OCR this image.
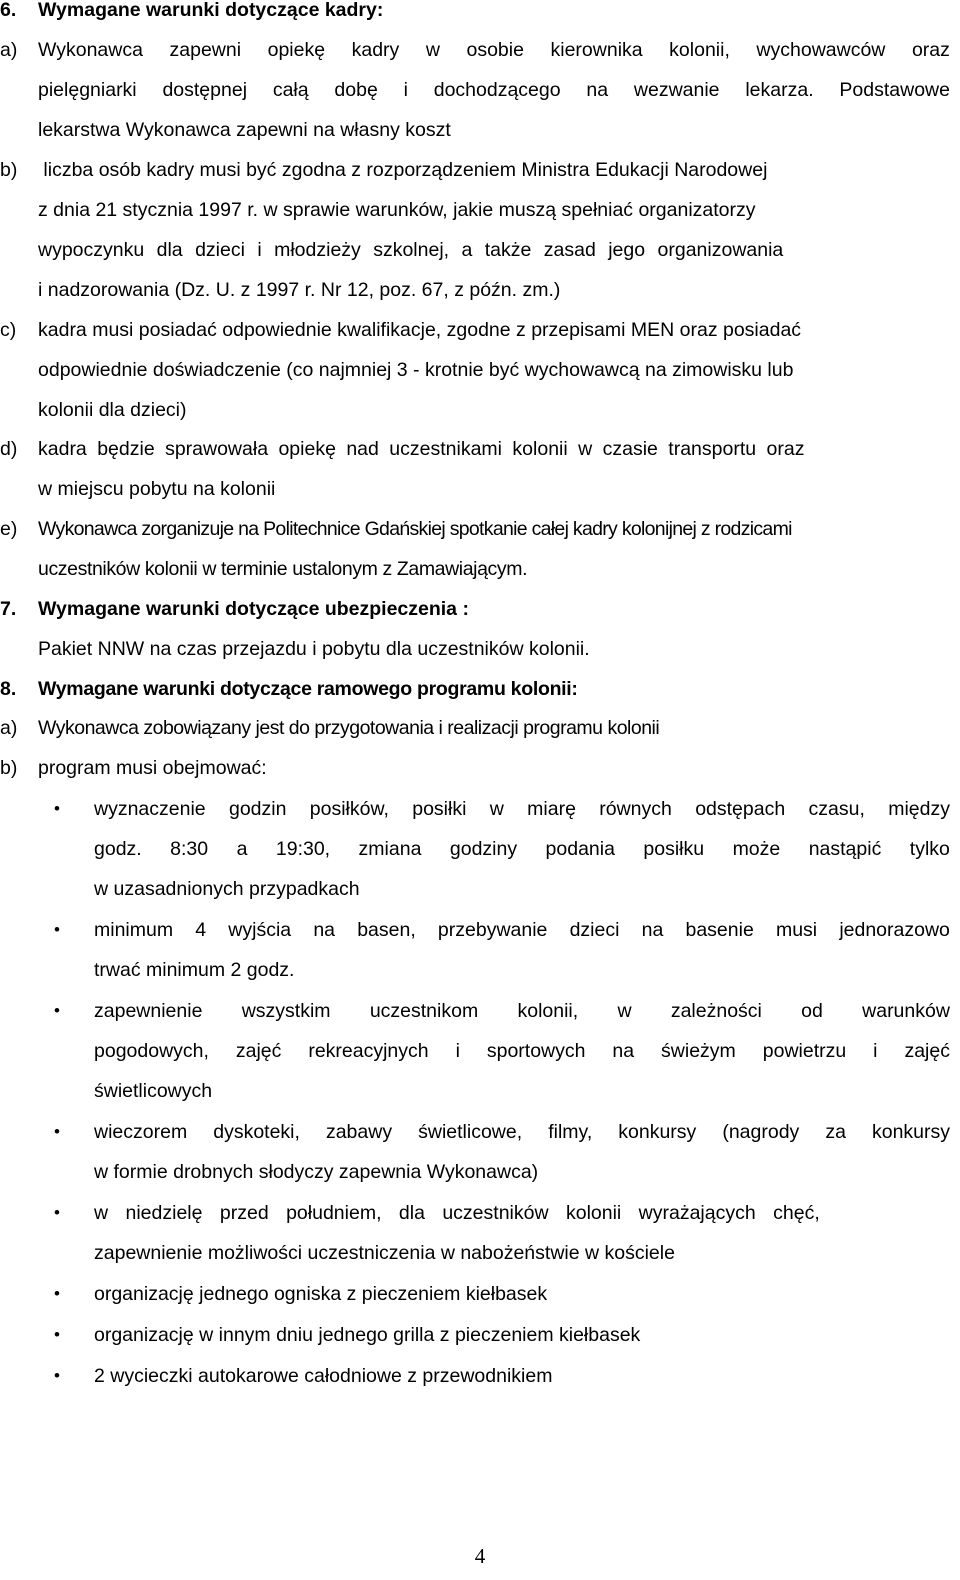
6. Wymagane warunki dotyczące kadry:
a) Wykonawca zapewni opiekę kadry w osobie kierownika kolonii, wychowawców oraz
pielęgniarki dostępnej całą dobę i dochodzącego na wezwanie lekarza. Podstawowe
lekarstwa Wykonawca zapewni na własny koszt
b) liczba osób kadry musi być zgodna z rozporządzeniem Ministra Edukacji Narodowej
z dnia 21 stycznia 1997 r. w sprawie warunków, jakie muszą spełniać organizatorzy
wypoczynku dla dzieci i młodzieży szkolnej, a także zasad jego organizowania
i nadzorowania (Dz. U. z 1997 r. Nr 12, poz. 67, z późn. zm.)
c) kadra musi posiadać odpowiednie kwalifikacje, zgodne z przepisami MEN oraz posiadać
odpowiednie doświadczenie (co najmniej 3 - krotnie być wychowawcą na zimowisku lub
kolonii dla dzieci)
d) kadra będzie sprawowała opiekę nad uczestnikami kolonii w czasie transportu oraz
w miejscu pobytu na kolonii
e) Wykonawca zorganizuje na Politechnice Gdańskiej spotkanie całej kadry kolonijnej z rodzicami
uczestników kolonii w terminie ustalonym z Zamawiającym.
7. Wymagane warunki dotyczące ubezpieczenia :
Pakiet NNW na czas przejazdu i pobytu dla uczestników kolonii.
8. Wymagane warunki dotyczące ramowego programu kolonii:
a) Wykonawca zobowiązany jest do przygotowania i realizacji programu kolonii
b) program musi obejmować:
• wyznaczenie godzin posiłków, posiłki w miarę równych odstępach czasu, między
godz. 8:30 a 19:30, zmiana godziny podania posiłku może nastąpić tylko
w uzasadnionych przypadkach
• minimum 4 wyjścia na basen, przebywanie dzieci na basenie musi jednorazowo
trwać minimum 2 godz.
• zapewnienie wszystkim uczestnikom kolonii, w zależności od warunków
pogodowych, zajęć rekreacyjnych i sportowych na świeżym powietrzu i zajęć
świetlicowych
• wieczorem dyskoteki, zabawy świetlicowe, filmy, konkursy (nagrody za konkursy
w formie drobnych słodyczy zapewnia Wykonawca)
• w niedzielę przed południem, dla uczestników kolonii wyrażających chęć,
zapewnienie możliwości uczestniczenia w nabożeństwie w kościele
• organizację jednego ogniska z pieczeniem kiełbasek
• organizację w innym dniu jednego grilla z pieczeniem kiełbasek
• 2 wycieczki autokarowe całodniowe z przewodnikiem
4
